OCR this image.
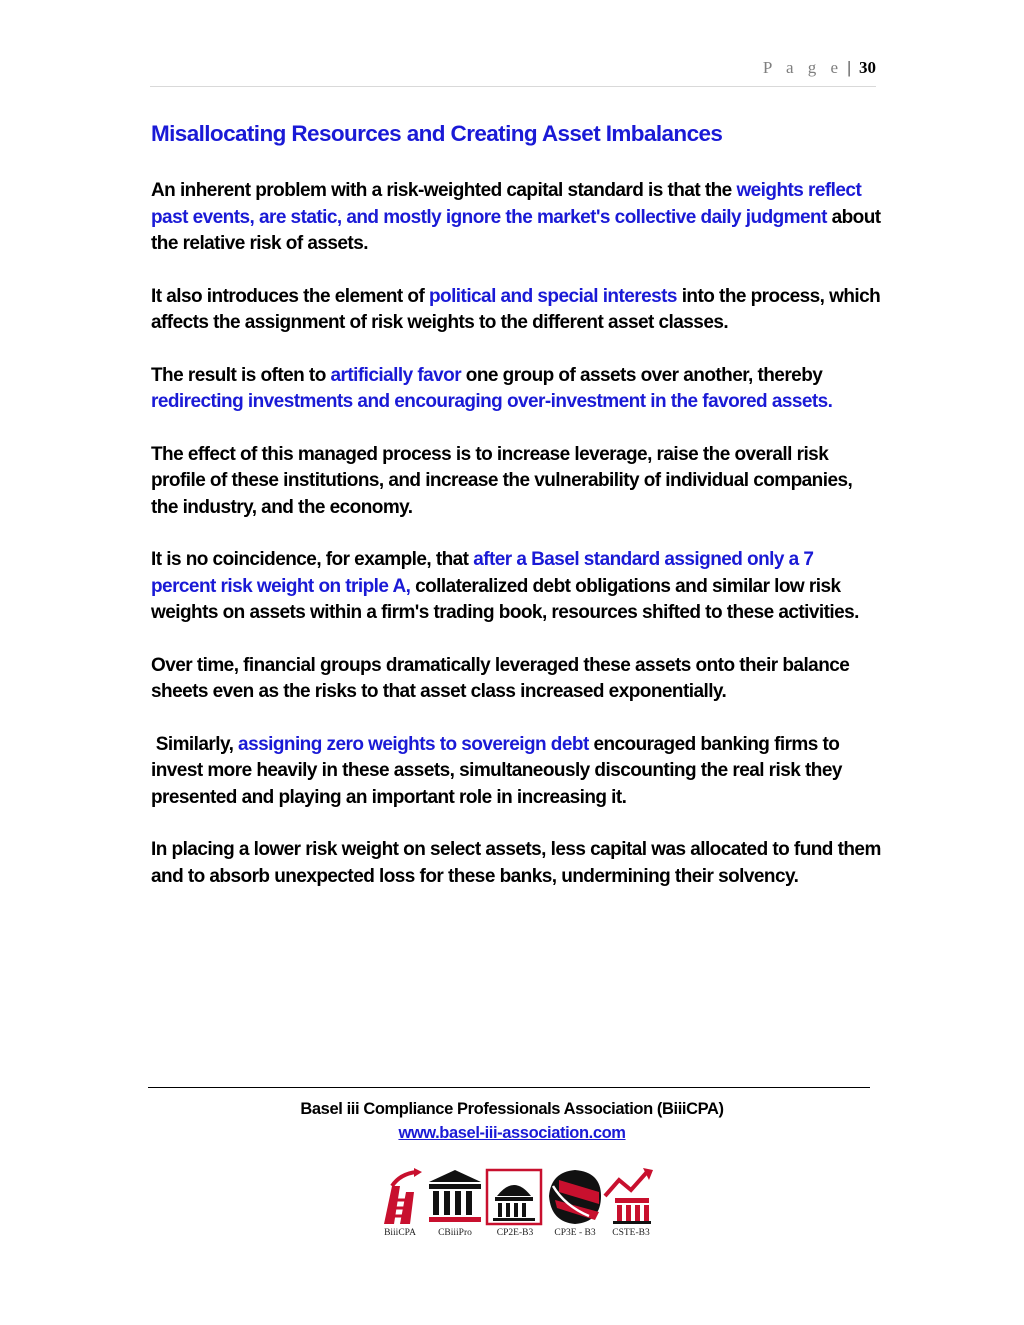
P a g e | 30
Misallocating Resources and Creating Asset Imbalances

An inherent problem with a risk-weighted capital standard is that the weights reflect past events, are static, and mostly ignore the market's collective daily judgment about the relative risk of assets.

It also introduces the element of political and special interests into the process, which affects the assignment of risk weights to the different asset classes.

The result is often to artificially favor one group of assets over another, thereby redirecting investments and encouraging over-investment in the favored assets.

The effect of this managed process is to increase leverage, raise the overall risk profile of these institutions, and increase the vulnerability of individual companies, the industry, and the economy.

It is no coincidence, for example, that after a Basel standard assigned only a 7 percent risk weight on triple A, collateralized debt obligations and similar low risk weights on assets within a firm's trading book, resources shifted to these activities.

Over time, financial groups dramatically leveraged these assets onto their balance sheets even as the risks to that asset class increased exponentially.

Similarly, assigning zero weights to sovereign debt encouraged banking firms to invest more heavily in these assets, simultaneously discounting the real risk they presented and playing an important role in increasing it.

In placing a lower risk weight on select assets, less capital was allocated to fund them and to absorb unexpected loss for these banks, undermining their solvency.

Basel iii Compliance Professionals Association (BiiiCPA)
www.basel-iii-association.com
BiiiCPA	CBiiiPro	CP2E-B3	CP3E - B3	CSTE-B3
